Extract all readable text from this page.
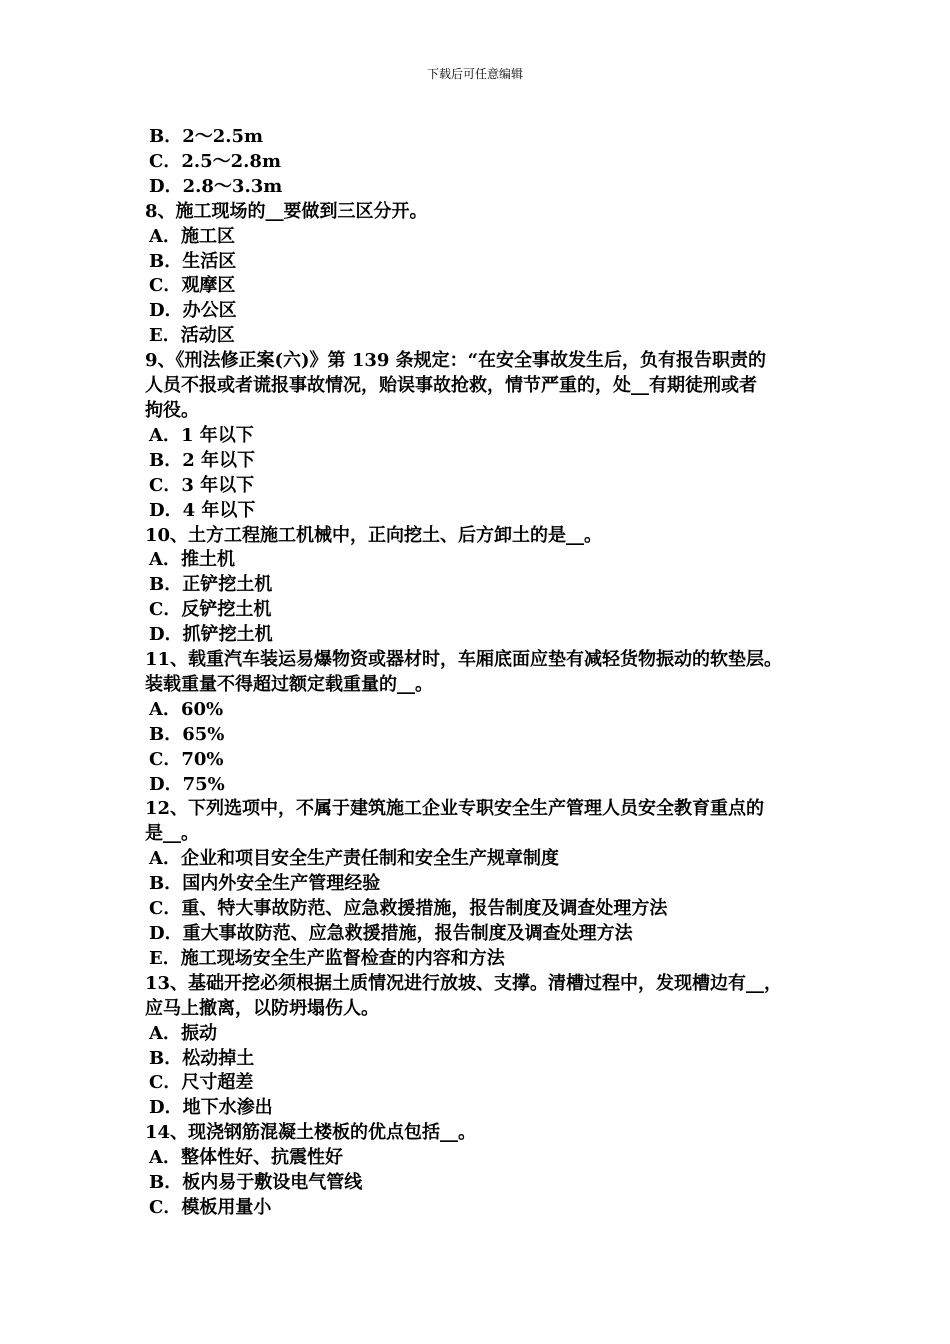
下载后可任意编辑
B．2～2.5m
C．2.5～2.8m
D．2.8～3.3m
8、施工现场的__要做到三区分开。
A．施工区
B．生活区
C．观摩区
D．办公区
E．活动区
9、《刑法修正案(六)》第 139 条规定：“在安全事故发生后，负有报告职责的
人员不报或者谎报事故情况，贻误事故抢救，情节严重的，处__有期徒刑或者
拘役。
A．1 年以下
B．2 年以下
C．3 年以下
D．4 年以下
10、土方工程施工机械中，正向挖土、后方卸土的是__。
A．推土机
B．正铲挖土机
C．反铲挖土机
D．抓铲挖土机
11、载重汽车装运易爆物资或器材时，车厢底面应垫有减轻货物振动的软垫层。
装载重量不得超过额定载重量的__。
A．60%
B．65%
C．70%
D．75%
12、下列选项中，不属于建筑施工企业专职安全生产管理人员安全教育重点的
是__。
A．企业和项目安全生产责任制和安全生产规章制度
B．国内外安全生产管理经验
C．重、特大事故防范、应急救援措施，报告制度及调查处理方法
D．重大事故防范、应急救援措施，报告制度及调查处理方法
E．施工现场安全生产监督检查的内容和方法
13、基础开挖必须根据土质情况进行放坡、支撑。清槽过程中，发现槽边有__，
应马上撤离，以防坍塌伤人。
A．振动
B．松动掉土
C．尺寸超差
D．地下水渗出
14、现浇钢筋混凝土楼板的优点包括__。
A．整体性好、抗震性好
B．板内易于敷设电气管线
C．模板用量小
